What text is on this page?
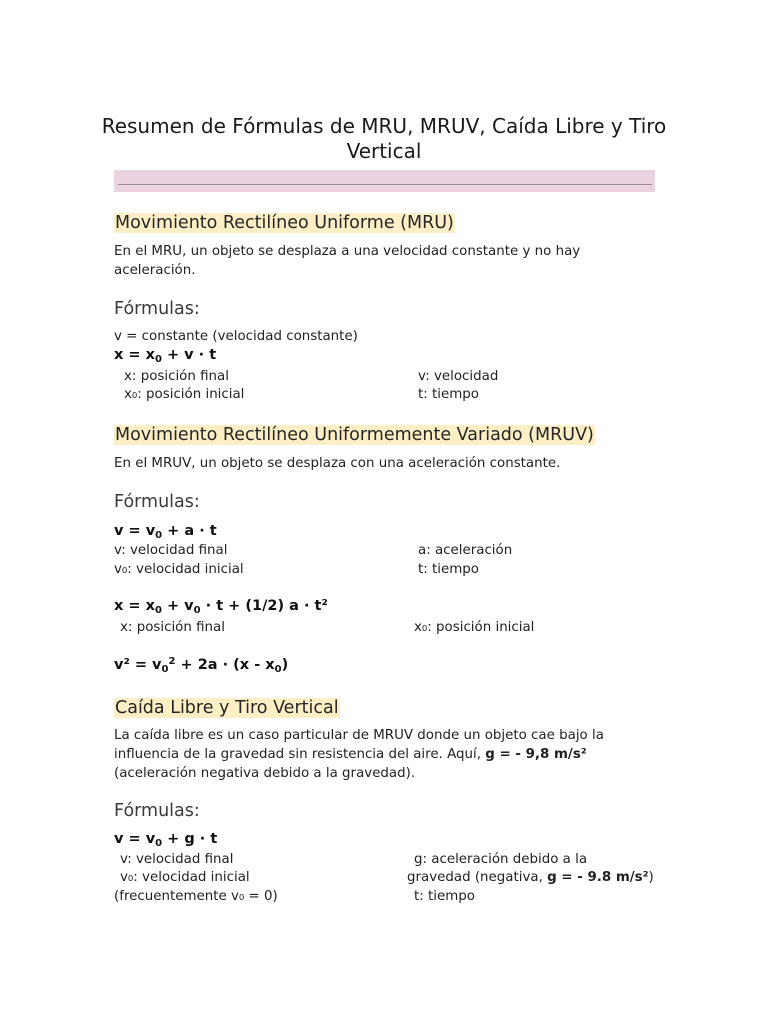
Resumen de Fórmulas de MRU, MRUV, Caída Libre y Tiro Vertical
Movimiento Rectilíneo Uniforme (MRU)
En el MRU, un objeto se desplaza a una velocidad constante y no hay aceleración.
Fórmulas:
v = constante (velocidad constante)
$x = x_0 + v \cdot t$
x: posición final
x₀: posición inicial
v: velocidad
t: tiempo
Movimiento Rectilíneo Uniformemente Variado (MRUV)
En el MRUV, un objeto se desplaza con una aceleración constante.
Fórmulas:
$v = v_0 + a \cdot t$
v: velocidad final
v₀: velocidad inicial
a: aceleración
t: tiempo
$x = x_0 + v_0 \cdot t + (1/2) a \cdot t^2$
x: posición final	x₀: posición inicial
$v^2 = v_0^2 + 2a \cdot (x - x_0)$
Caída Libre y Tiro Vertical
La caída libre es un caso particular de MRUV donde un objeto cae bajo la influencia de la gravedad sin resistencia del aire. Aquí, g = - 9,8 m/s² (aceleración negativa debido a la gravedad).
Fórmulas:
$v = v_0 + g \cdot t$
v: velocidad final
v₀: velocidad inicial
(frecuentemente v₀ = 0)
g: aceleración debido a la
gravedad (negativa, g = - 9.8 m/s²)
t: tiempo
